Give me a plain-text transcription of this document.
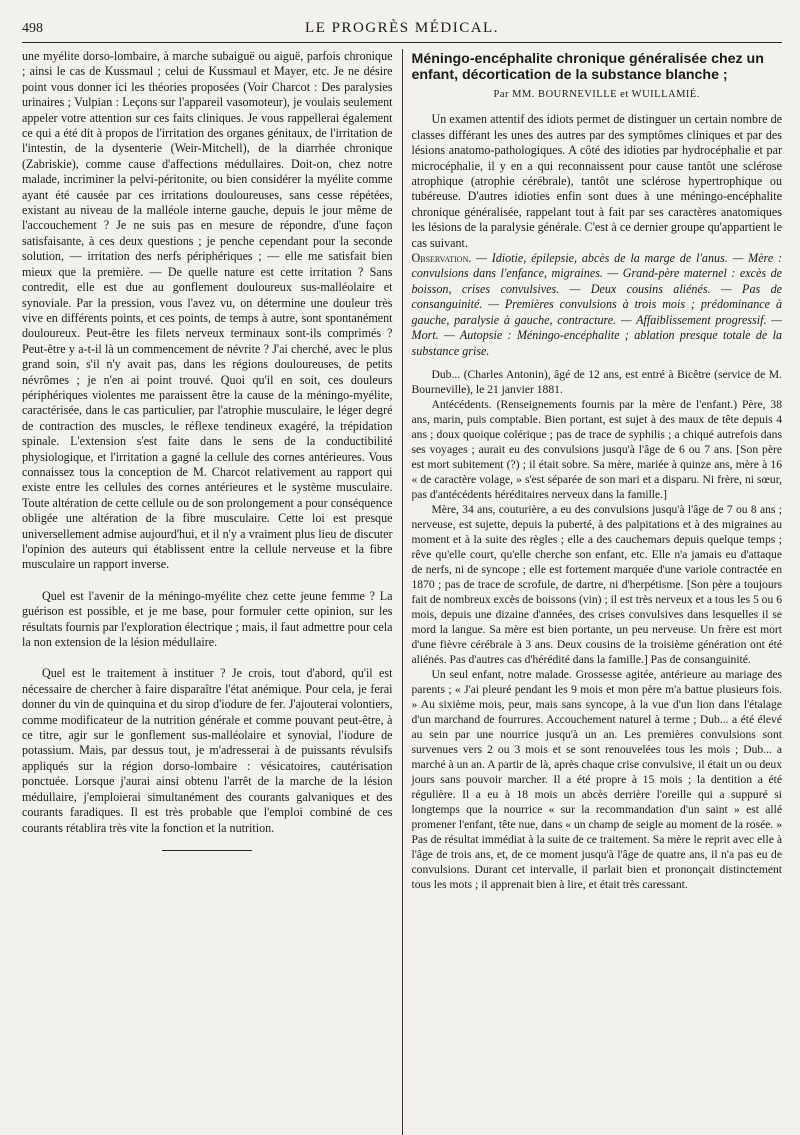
498	LE PROGRÈS MÉDICAL.

une myélite dorso-lombaire, à marche subaiguë ou aiguë, parfois chronique ; ainsi le cas de Kussmaul ; celui de Kussmaul et Mayer, etc. Je ne désire point vous donner ici les théories proposées (Voir Charcot : Des paralysies urinaires ; Vulpian : Leçons sur l'appareil vasomoteur), je voulais seulement appeler votre attention sur ces faits cliniques. Je vous rappellerai également ce qui a été dit à propos de l'irritation des organes génitaux, de l'irritation de l'intestin, de la dysenterie (Weir-Mitchell), de la diarrhée chronique (Zabriskie), comme cause d'affections médullaires. Doit-on, chez notre malade, incriminer la pelvi-péritonite, ou bien considérer la myélite comme ayant été causée par ces irritations douloureuses, sans cesse répétées, existant au niveau de la malléole interne gauche, depuis le jour même de l'accouchement ? Je ne suis pas en mesure de répondre, d'une façon satisfaisante, à ces deux questions ; je penche cependant pour la seconde solution, — irritation des nerfs périphériques ; — elle me satisfait bien mieux que la première. — De quelle nature est cette irritation ? Sans contredit, elle est due au gonflement douloureux sus-malléolaire et synoviale. Par la pression, vous l'avez vu, on détermine une douleur très vive en différents points, et ces points, de temps à autre, sont spontanément douloureux. Peut-être les filets nerveux terminaux sont-ils comprimés ? Peut-être y a-t-il là un commencement de névrite ? J'ai cherché, avec le plus grand soin, s'il n'y avait pas, dans les régions douloureuses, de petits névrômes ; je n'en ai point trouvé. Quoi qu'il en soit, ces douleurs périphériques violentes me paraissent être la cause de la méningo-myélite, caractérisée, dans le cas particulier, par l'atrophie musculaire, le léger degré de contraction des muscles, le réflexe tendineux exagéré, la trépidation spinale. L'extension s'est faite dans le sens de la conductibilité physiologique, et l'irritation a gagné la cellule des cornes antérieures. Vous connaissez tous la conception de M. Charcot relativement au rapport qui existe entre les cellules des cornes antérieures et le système musculaire. Toute altération de cette cellule ou de son prolongement a pour conséquence obligée une altération de la fibre musculaire. Cette loi est presque universellement admise aujourd'hui, et il n'y a vraiment plus lieu de discuter l'opinion des auteurs qui établissent entre la cellule nerveuse et la fibre musculaire un rapport inverse.

Quel est l'avenir de la méningo-myélite chez cette jeune femme ? La guérison est possible, et je me base, pour formuler cette opinion, sur les résultats fournis par l'exploration électrique ; mais, il faut admettre pour cela la non extension de la lésion médullaire.

Quel est le traitement à instituer ? Je crois, tout d'abord, qu'il est nécessaire de chercher à faire disparaître l'état anémique. Pour cela, je ferai donner du vin de quinquina et du sirop d'iodure de fer. J'ajouterai volontiers, comme modificateur de la nutrition générale et comme pouvant peut-être, à ce titre, agir sur le gonflement sus-malléolaire et synovial, l'iodure de potassium. Mais, par dessus tout, je m'adresserai à de puissants révulsifs appliqués sur la région dorso-lombaire : vésicatoires, cautérisation ponctuée. Lorsque j'aurai ainsi obtenu l'arrêt de la marche de la lésion médullaire, j'emploierai simultanément des courants galvaniques et des courants faradiques. Il est très probable que l'emploi combiné de ces courants rétablira très vite la fonction et la nutrition.

Méningo-encéphalite chronique généralisée chez un enfant, décortication de la substance blanche ;
Par MM. BOURNEVILLE et WUILLAMIÉ.

Un examen attentif des idiots permet de distinguer un certain nombre de classes différant les unes des autres par des symptômes cliniques et par des lésions anatomo-pathologiques. A côté des idioties par hydrocéphalie et par microcéphalie, il y en a qui reconnaissent pour cause tantôt une sclérose atrophique (atrophie cérébrale), tantôt une sclérose hypertrophique ou tubéreuse. D'autres idioties enfin sont dues à une méningo-encéphalite chronique généralisée, rappelant tout à fait par ses caractères anatomiques les lésions de la paralysie générale. C'est à ce dernier groupe qu'appartient le cas suivant.

Observation. — Idiotie, épilepsie, abcès de la marge de l'anus. — Mère : convulsions dans l'enfance, migraines. — Grand-père maternel : excès de boisson, crises convulsives. — Deux cousins aliénés. — Pas de consanguinité. — Premières convulsions à trois mois ; prédominance à gauche, paralysie à gauche, contracture. — Affaiblissement progressif. — Mort. — Autopsie : Méningo-encéphalite ; ablation presque totale de la substance grise.

Dub... (Charles Antonin), âgé de 12 ans, est entré à Bicêtre (service de M. Bourneville), le 21 janvier 1881.

Antécédents. (Renseignements fournis par la mère de l'enfant.) Père, 38 ans, marin, puis comptable. Bien portant, est sujet à des maux de tête depuis 4 ans ; doux quoique colérique ; pas de trace de syphilis ; a chiqué autrefois dans ses voyages ; aurait eu des convulsions jusqu'à l'âge de 6 ou 7 ans. [Son père est mort subitement (?) ; il était sobre. Sa mère, mariée à quinze ans, mère à 16 « de caractère volage, » s'est séparée de son mari et a disparu. Ni frère, ni sœur, pas d'antécédents héréditaires nerveux dans la famille.]

Mère, 34 ans, couturière, a eu des convulsions jusqu'à l'âge de 7 ou 8 ans ; nerveuse, est sujette, depuis la puberté, à des palpitations et à des migraines au moment et à la suite des règles ; elle a des cauchemars depuis quelque temps ; rêve qu'elle court, qu'elle cherche son enfant, etc. Elle n'a jamais eu d'attaque de nerfs, ni de syncope ; elle est fortement marquée d'une variole contractée en 1870 ; pas de trace de scrofule, de dartre, ni d'herpétisme. [Son père a toujours fait de nombreux excès de boissons (vin) ; il est très nerveux et a tous les 5 ou 6 mois, depuis une dizaine d'années, des crises convulsives dans lesquelles il se mord la langue. Sa mère est bien portante, un peu nerveuse. Un frère est mort d'une fièvre cérébrale à 3 ans. Deux cousins de la troisième génération ont été aliénés. Pas d'autres cas d'hérédité dans la famille.] Pas de consanguinité.

Un seul enfant, notre malade. Grossesse agitée, antérieure au mariage des parents ; « J'ai pleuré pendant les 9 mois et mon père m'a battue plusieurs fois. » Au sixième mois, peur, mais sans syncope, à la vue d'un lion dans l'étalage d'un marchand de fourrures. Accouchement naturel à terme ; Dub... a été élevé au sein par une nourrice jusqu'à un an. Les premières convulsions sont survenues vers 2 ou 3 mois et se sont renouvelées tous les mois ; Dub... a marché à un an. A partir de là, après chaque crise convulsive, il était un ou deux jours sans pouvoir marcher. Il a été propre à 15 mois ; la dentition a été régulière. Il a eu à 18 mois un abcès derrière l'oreille qui a suppuré si longtemps que la nourrice « sur la recommandation d'un saint » est allé promener l'enfant, tête nue, dans « un champ de seigle au moment de la rosée. » Pas de résultat immédiat à la suite de ce traitement. Sa mère le reprit avec elle à l'âge de trois ans, et, de ce moment jusqu'à l'âge de quatre ans, il n'a pas eu de convulsions. Durant cet intervalle, il parlait bien et prononçait distinctement tous les mots ; il apprenait bien à lire, et était très caressant.
